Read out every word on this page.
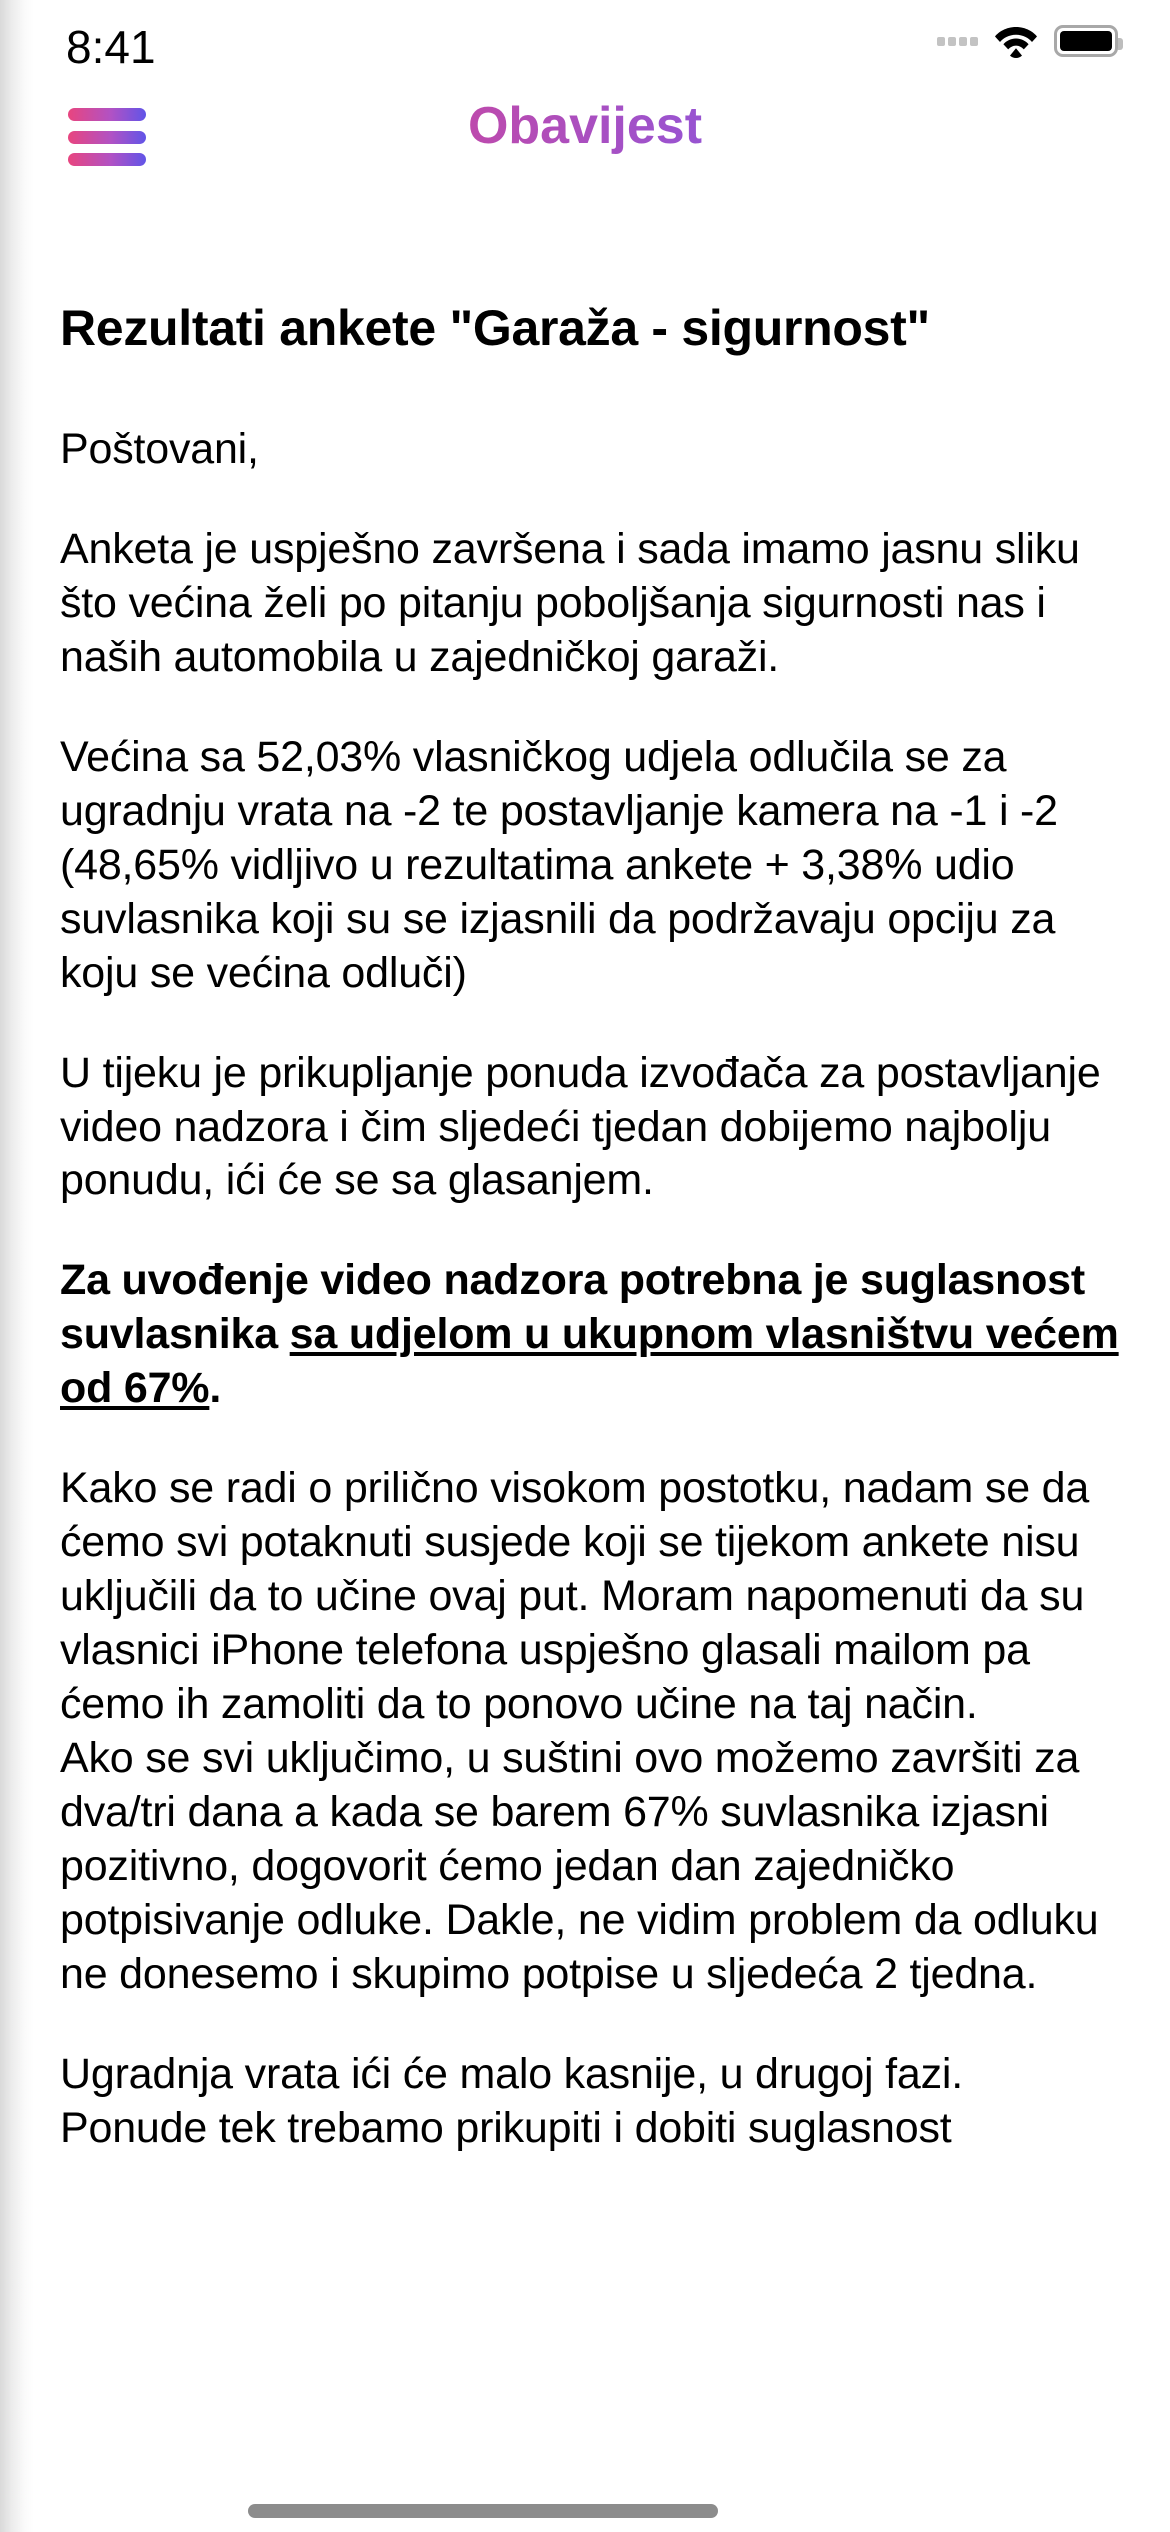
8:41
Obavijest
Rezultati ankete "Garaža - sigurnost"

Poštovani,

Anketa je uspješno završena i sada imamo jasnu sliku što većina želi po pitanju poboljšanja sigurnosti nas i naših automobila u zajedničkoj garaži.

Većina sa 52,03% vlasničkog udjela odlučila se za ugradnju vrata na -2 te postavljanje kamera na -1 i -2

(48,65% vidljivo u rezultatima ankete + 3,38% udio suvlasnika koji su se izjasnili da podržavaju opciju za koju se većina odluči)

U tijeku je prikupljanje ponuda izvođača za postavljanje video nadzora i čim sljedeći tjedan dobijemo najbolju ponudu, ići će se sa glasanjem.

Za uvođenje video nadzora potrebna je suglasnost suvlasnika sa udjelom u ukupnom vlasništvu većem od 67%.

Kako se radi o prilično visokom postotku, nadam se da ćemo svi potaknuti susjede koji se tijekom ankete nisu uključili da to učine ovaj put. Moram napomenuti da su vlasnici iPhone telefona uspješno glasali mailom pa ćemo ih zamoliti da to ponovo učine na taj način.

Ako se svi uključimo, u suštini ovo možemo završiti za dva/tri dana a kada se barem 67% suvlasnika izjasni pozitivno, dogovorit ćemo jedan dan zajedničko potpisivanje odluke. Dakle, ne vidim problem da odluku ne donesemo i skupimo potpise u sljedeća 2 tjedna.

Ugradnja vrata ići će malo kasnije, u drugoj fazi.

Ponude tek trebamo prikupiti i dobiti suglasnost
